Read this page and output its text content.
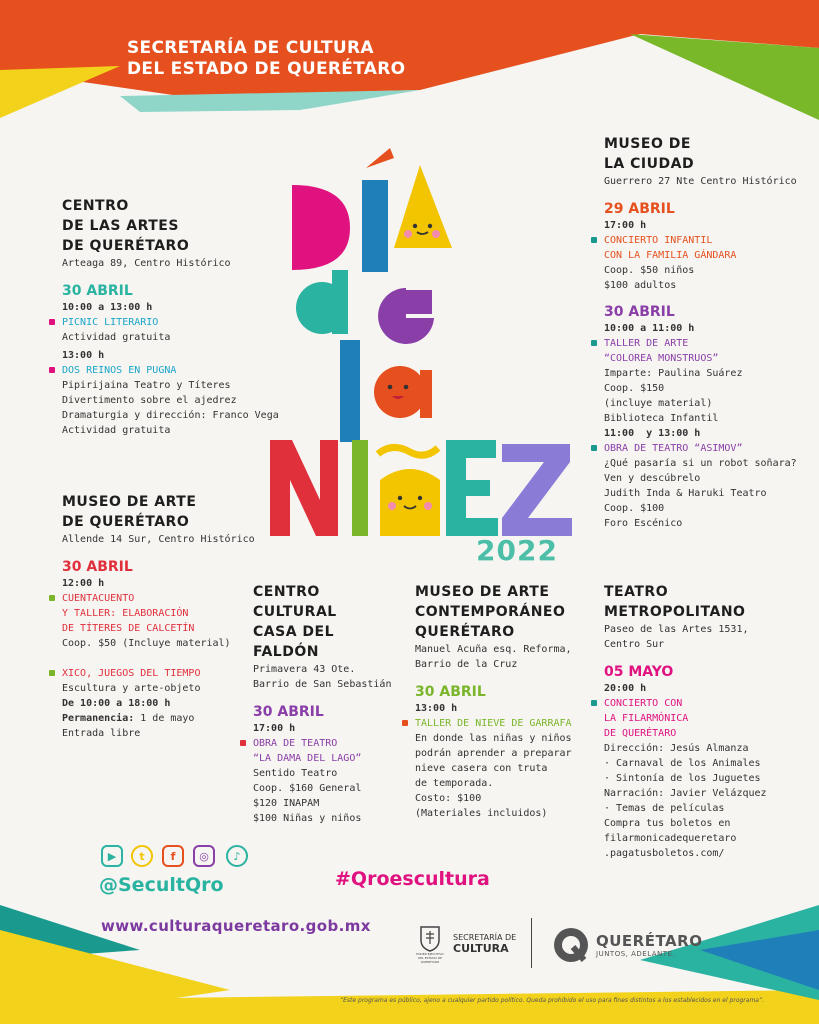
SECRETARÍA DE CULTURA
DEL ESTADO DE QUERÉTARO
2022
CENTRO
DE LAS ARTES
DE QUERÉTARO
Arteaga 89, Centro Histórico
30 ABRIL
10:00 a 13:00 h
PICNIC LITERARIO
Actividad gratuita
13:00 h
DOS REINOS EN PUGNA
Pipirijaina Teatro y Títeres
Divertimento sobre el ajedrez
Dramaturgia y dirección: Franco Vega
Actividad gratuita
MUSEO DE ARTE
DE QUERÉTARO
Allende 14 Sur, Centro Histórico
30 ABRIL
12:00 h
CUENTACUENTO
Y TALLER: ELABORACIÓN
DE TÍTERES DE CALCETÍN
Coop. $50 (Incluye material)
XICO, JUEGOS DEL TIEMPO
Escultura y arte-objeto
De 10:00 a 18:00 h
Permanencia: 1 de mayo
Entrada libre
CENTRO
CULTURAL
CASA DEL
FALDÓN
Primavera 43 Ote.
Barrio de San Sebastián
30 ABRIL
17:00 h
OBRA DE TEATRO
“LA DAMA DEL LAGO”
Sentido Teatro
Coop. $160 General
$120 INAPAM
$100 Niñas y niños
MUSEO DE ARTE
CONTEMPORÁNEO
QUERÉTARO
Manuel Acuña esq. Reforma,
Barrio de la Cruz
30 ABRIL
13:00 h
TALLER DE NIEVE DE GARRAFA
En donde las niñas y niños
podrán aprender a preparar
nieve casera con truta
de temporada.
Costo: $100
(Materiales incluidos)
MUSEO DE
LA CIUDAD
Guerrero 27 Nte Centro Histórico
29 ABRIL
17:00 h
CONCIERTO INFANTIL
CON LA FAMILIA GÁNDARA
Coop. $50 niños
$100 adultos
30 ABRIL
10:00 a 11:00 h
TALLER DE ARTE
“COLOREA MONSTRUOS”
Imparte: Paulina Suárez
Coop. $150
(incluye material)
Biblioteca Infantil
11:00  y 13:00 h
OBRA DE TEATRO “ASIMOV”
¿Qué pasaría si un robot soñara?
Ven y descúbrelo
Judith Inda & Haruki Teatro
Coop. $100
Foro Escénico
TEATRO
METROPOLITANO
Paseo de las Artes 1531,
Centro Sur
05 MAYO
20:00 h
CONCIERTO CON
LA FILARMÓNICA
DE QUERÉTARO
Dirección: Jesús Almanza
· Carnaval de los Animales
· Sintonía de los Juguetes
Narración: Javier Velázquez
· Temas de películas
Compra tus boletos en
filarmonicadequeretaro
.pagatusboletos.com/
▶	t	f	◎	♪
@SecultQro	#Qroescultura
www.culturaqueretaro.gob.mx
PODER EJECUTIVO DEL ESTADO DE QUERÉTARO
SECRETARÍA DE
CULTURA	QUERÉTARO
JUNTOS, ADELANTE.
“Este programa es público, ajeno a cualquier partido político. Queda prohibido el uso para fines distintos a los establecidos en el programa”.
